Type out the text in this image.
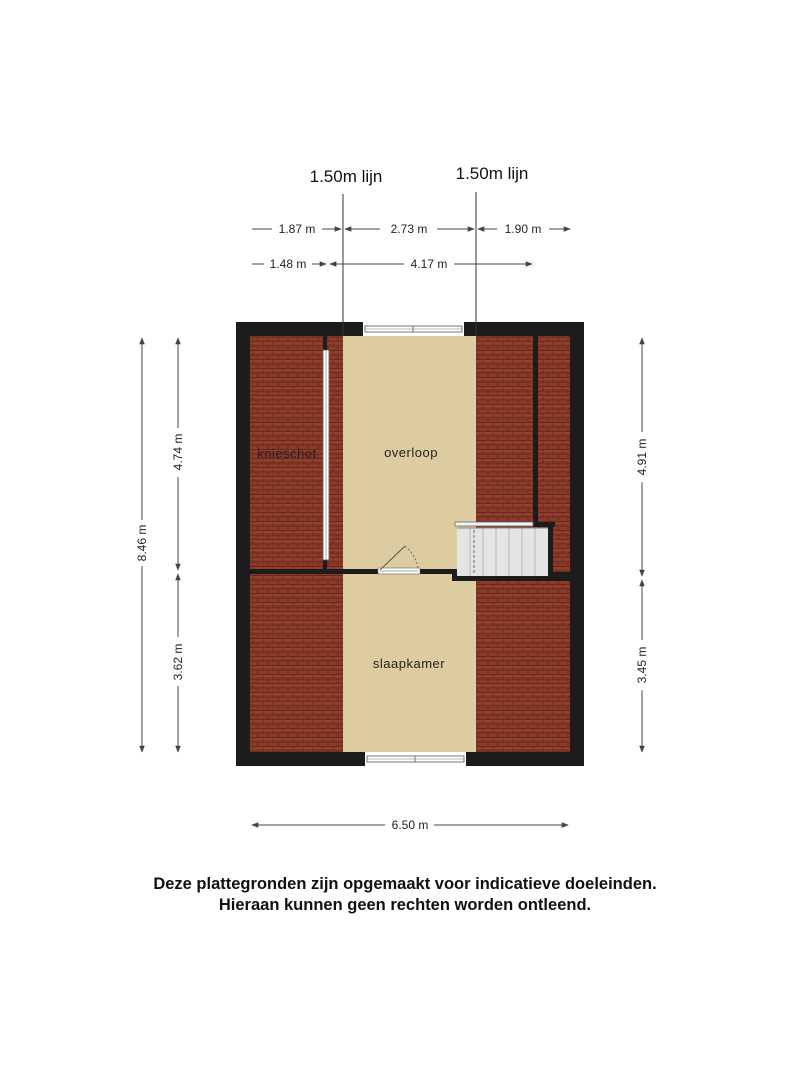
1.50m lijn	1.50m lijn
1.87 m	2.73 m	1.90 m
1.48 m	4.17 m
8.46 m
4.74 m
3.62 m
4.91 m
3.45 m
6.50 m
knieschot	overloop
slaapkamer
Deze plattegronden zijn opgemaakt voor indicatieve doeleinden.
Hieraan kunnen geen rechten worden ontleend.
